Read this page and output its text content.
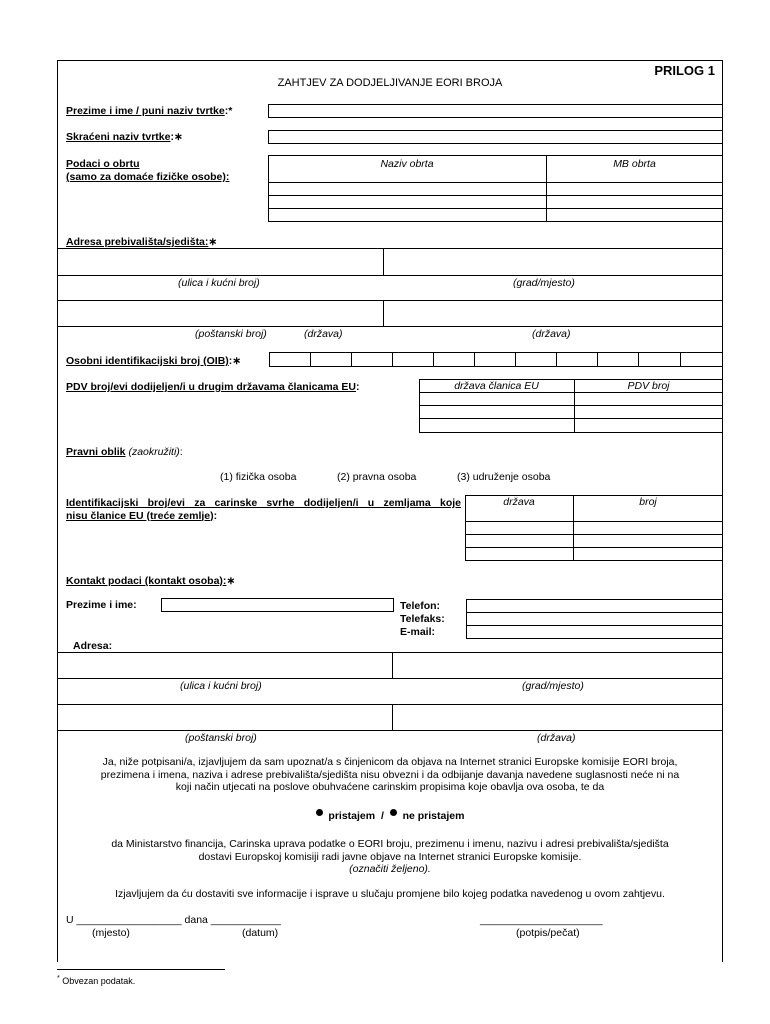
PRILOG 1
ZAHTJEV ZA DODJELJIVANJE EORI BROJA
Prezime i ime / puni naziv tvrtke:*
Skraćeni naziv tvrtke:∗
Podaci o obrtu
(samo za domaće fizičke osobe):
Naziv obrta	MB obrta
Adresa prebivališta/sjedišta:∗
(ulica i kućni broj)	(grad/mjesto)
(poštanski broj)	(država)	(država)
Osobni identifikacijski broj (OIB):∗
PDV broj/evi dodijeljen/i u drugim državama članicama EU:	država članica EU	PDV broj
Pravni oblik (zaokružiti):
(1) fizička osoba	(2) pravna osoba	(3) udruženje osoba
Identifikacijski broj/evi za carinske svrhe dodijeljen/i u zemljama koje
nisu članice EU (treće zemlje):
država	broj
Kontakt podaci (kontakt osoba):∗
Prezime i ime:	Telefon:
Telefaks:
E-mail:
Adresa:
(ulica i kućni broj)	(grad/mjesto)
(poštanski broj)	(država)
Ja, niže potpisani/a, izjavljujem da sam upoznat/a s činjenicom da objava na Internet stranici Europske komisije EORI broja,
prezimena i imena, naziva i adrese prebivališta/sjedišta nisu obvezni i da odbijanje davanja navedene suglasnosti neće ni na
koji način utjecati na poslove obuhvaćene carinskim propisima koje obavlja ova osoba, te da
pristajem / ne pristajem
da Ministarstvo financija, Carinska uprava podatke o EORI broju, prezimenu i imenu, nazivu i adresi prebivališta/sjedišta
dostavi Europskoj komisiji radi javne objave na Internet stranici Europske komisije.
(označiti željeno).
Izjavljujem da ću dostaviti sve informacije i isprave u slučaju promjene bilo kojeg podatka navedenog u ovom zahtjevu.
U __________________ dana ____________	_____________________
(mjesto)	(datum)	(potpis/pečat)
* Obvezan podatak.
